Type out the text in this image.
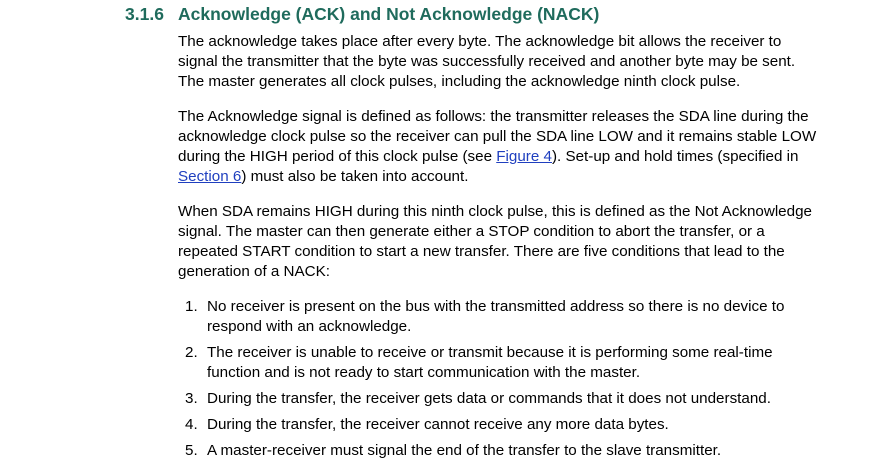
3.1.6 Acknowledge (ACK) and Not Acknowledge (NACK)

The acknowledge takes place after every byte. The acknowledge bit allows the receiver to signal the transmitter that the byte was successfully received and another byte may be sent. The master generates all clock pulses, including the acknowledge ninth clock pulse.

The Acknowledge signal is defined as follows: the transmitter releases the SDA line during the acknowledge clock pulse so the receiver can pull the SDA line LOW and it remains stable LOW during the HIGH period of this clock pulse (see Figure 4). Set-up and hold times (specified in Section 6) must also be taken into account.

When SDA remains HIGH during this ninth clock pulse, this is defined as the Not Acknowledge signal. The master can then generate either a STOP condition to abort the transfer, or a repeated START condition to start a new transfer. There are five conditions that lead to the generation of a NACK:

1. No receiver is present on the bus with the transmitted address so there is no device to respond with an acknowledge.
2. The receiver is unable to receive or transmit because it is performing some real-time function and is not ready to start communication with the master.
3. During the transfer, the receiver gets data or commands that it does not understand.
4. During the transfer, the receiver cannot receive any more data bytes.
5. A master-receiver must signal the end of the transfer to the slave transmitter.
